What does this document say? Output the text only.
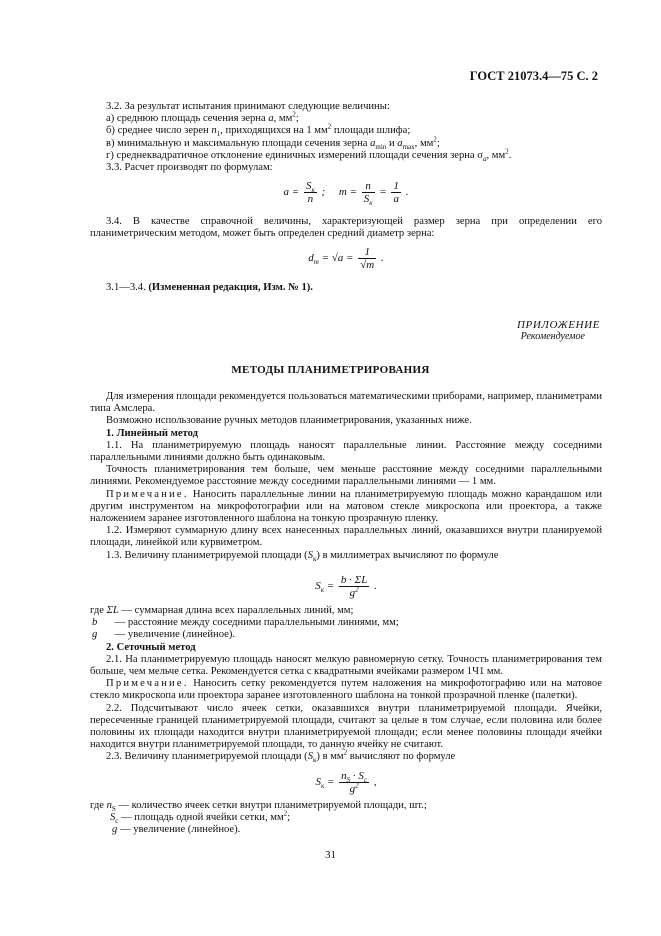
ГОСТ 21073.4—75 С. 2

3.2. За результат испытания принимают следующие величины:

а) среднюю площадь сечения зерна a, $мм^2$;

б) среднее число зерен $n_1$, приходящихся на 1 $мм^2$ площади шлифа;

в) минимальную и максимальную площади сечения зерна $a_{min}$ и $a_{max}$, $мм^2$;

г) среднеквадратичное отклонение единичных измерений площади сечения зерна $\sigma_a$, $мм^2$.

3.3. Расчет производят по формулам:

$a = \frac{S_к}{n}$ ;     $m = \frac{n}{S_к} = \frac{1}{a}$ .

3.4. В качестве справочной величины, характеризующей размер зерна при определении его планиметрическим методом, может быть определен средний диаметр зерна:

$d_m = √a = \frac{1}{√m}$ .

3.1—3.4. (Измененная редакция, Изм. № 1).

ПРИЛОЖЕНИЕ
Рекомендуемое
МЕТОДЫ ПЛАНИМЕТРИРОВАНИЯ

Для измерения площади рекомендуется пользоваться математическими приборами, например, планиметрами типа Амслера.

Возможно использование ручных методов планиметрирования, указанных ниже.

1. Линейный метод

1.1. На планиметрируемую площадь наносят параллельные линии. Расстояние между соседними параллельными линиями должно быть одинаковым.

Точность планиметрирования тем больше, чем меньше расстояние между соседними параллельными линиями. Рекомендуемое расстояние между соседними параллельными линиями — 1 мм.

Примечание. Наносить параллельные линии на планиметрируемую площадь можно карандашом или другим инструментом на микрофотографии или на матовом стекле микроскопа или проектора, а также наложением заранее изготовленного шаблона на тонкую прозрачную пленку.

1.2. Измеряют суммарную длину всех нанесенных параллельных линий, оказавшихся внутри планируемой площади, линейкой или курвиметром.

1.3. Величину планиметрируемой площади $(S_к)$ в миллиметрах вычисляют по формуле

$S_к = \frac{b \cdot \Sigma L}{g^2}$ .

где ΣL — суммарная длина всех параллельных линий, мм;

b — расстояние между соседними параллельными линиями, мм;

g — увеличение (линейное).

2. Сеточный метод

2.1. На планиметрируемую площадь наносят мелкую равномерную сетку. Точность планиметрирования тем больше, чем мельче сетка. Рекомендуется сетка с квадратными ячейками размером 1Ч1 мм.

Примечание. Наносить сетку рекомендуется путем наложения на микрофотографию или на матовое стекло микроскопа или проектора заранее изготовленного шаблона на тонкой прозрачной пленке (палетки).

2.2. Подсчитывают число ячеек сетки, оказавшихся внутри планиметрируемой площади. Ячейки, пересеченные границей планиметрируемой площади, считают за целые в том случае, если половина или более половины их площади находится внутри планиметрируемой площади; если менее половины площади ячейки находится внутри планиметрируемой площади, то данную ячейку не считают.

2.3. Величину планиметрируемой площади $(S_к)$ в $мм^2$ вычисляют по формуле

$S_к = \frac{n_S \cdot S_c}{g^2}$ ,

где $n_S$ — количество ячеек сетки внутри планиметрируемой площади, шт.;

$S_c$ — площадь одной ячейки сетки, $мм^2$;

g — увеличение (линейное).

31
